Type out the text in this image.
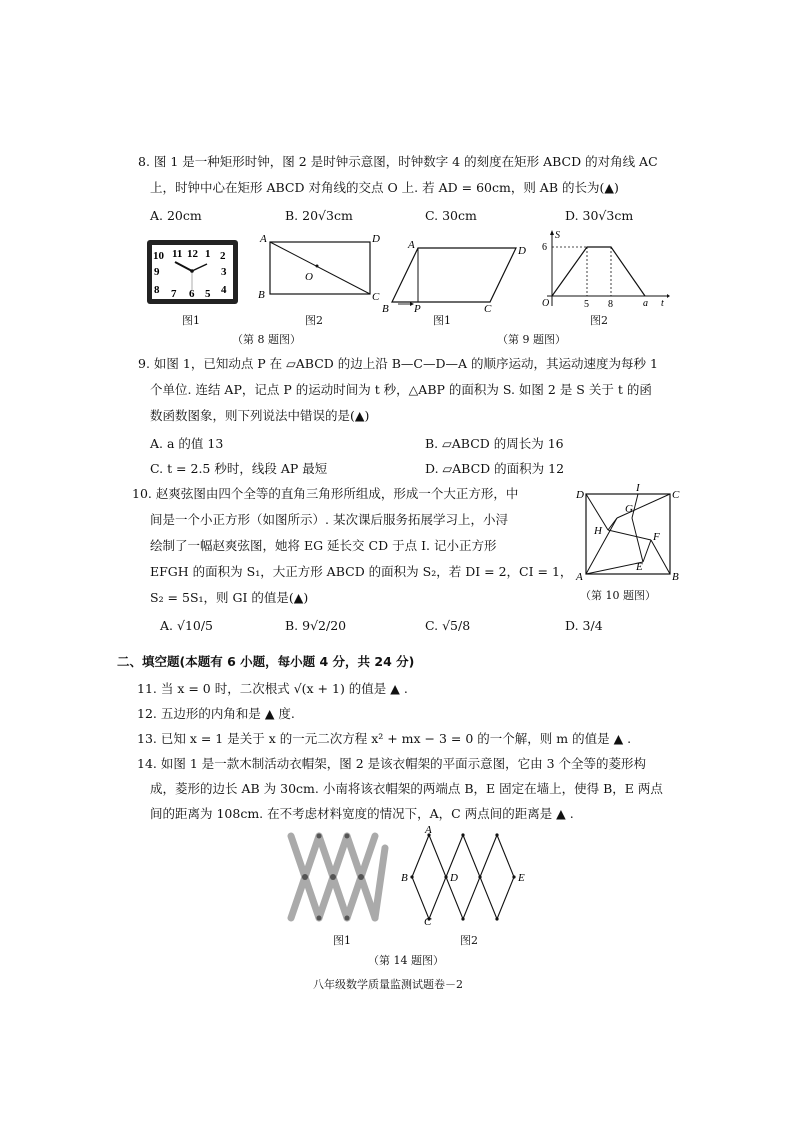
8. 图 1 是一种矩形时钟，图 2 是时钟示意图，时钟数字 4 的刻度在矩形 ABCD 的对角线 AC
上，时钟中心在矩形 ABCD 对角线的交点 O 上. 若 AD = 60cm，则 AB 的长为(▲)
A. 20cm	B. 20√3cm	C. 30cm	D. 30√3cm
11 12 1
10	2
9	3
8	4
7 6 5
图1
A	D
B	C
O
图2
（第 8 题图）
A	D
B P	C
图1
S
t
O
6
5 8	a
图2
（第 9 题图）
9. 如图 1，已知动点 P 在 ▱ABCD 的边上沿 B—C—D—A 的顺序运动，其运动速度为每秒 1
个单位. 连结 AP，记点 P 的运动时间为 t 秒，△ABP 的面积为 S. 如图 2 是 S 关于 t 的函
数函数图象，则下列说法中错误的是(▲)
A. a 的值 13	B. ▱ABCD 的周长为 16
C. t = 2.5 秒时，线段 AP 最短	D. ▱ABCD 的面积为 12
10. 赵爽弦图由四个全等的直角三角形所组成，形成一个大正方形，中
间是一个小正方形（如图所示）. 某次课后服务拓展学习上，小浔
绘制了一幅赵爽弦图，她将 EG 延长交 CD 于点 I. 记小正方形
EFGH 的面积为 S₁，大正方形 ABCD 的面积为 S₂，若 DI = 2，CI = 1，
S₂ = 5S₁，则 GI 的值是(▲)
D
I
C
G
H	F
E
A	B
（第 10 题图）
A. √10/5	B. 9√2/20	C. √5/8	D. 3/4
二、填空题(本题有 6 小题，每小题 4 分，共 24 分)
11. 当 x = 0 时，二次根式 √(x + 1) 的值是 ▲ .
12. 五边形的内角和是 ▲ 度.
13. 已知 x = 1 是关于 x 的一元二次方程 x² + mx − 3 = 0 的一个解，则 m 的值是 ▲ .
14. 如图 1 是一款木制活动衣帽架，图 2 是该衣帽架的平面示意图，它由 3 个全等的菱形构
成，菱形的边长 AB 为 30cm. 小南将该衣帽架的两端点 B，E 固定在墙上，使得 B，E 两点
间的距离为 108cm. 在不考虑材料宽度的情况下，A，C 两点间的距离是 ▲ .
图1
A
B	D	E
C
图2
（第 14 题图）
八年级数学质量监测试题卷－2
